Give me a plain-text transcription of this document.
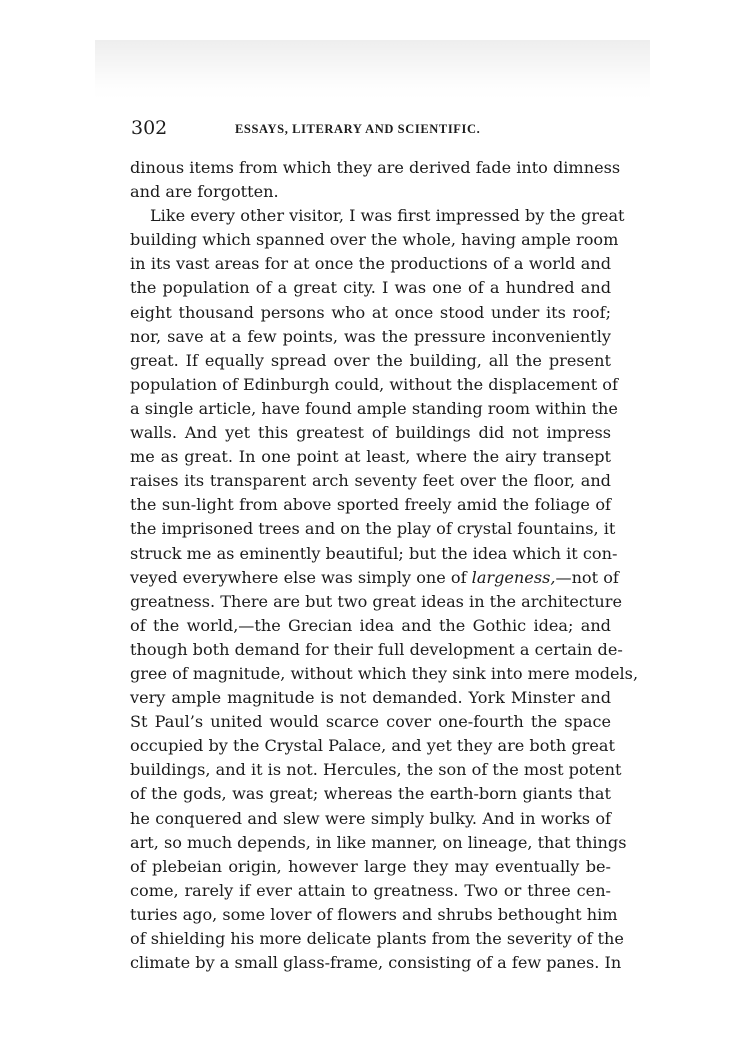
302	ESSAYS, LITERARY AND SCIENTIFIC.
dinous items from which they are derived fade into dimness
and are forgotten.
Like every other visitor, I was first impressed by the great
building which spanned over the whole, having ample room
in its vast areas for at once the productions of a world and
the population of a great city. I was one of a hundred and
eight thousand persons who at once stood under its roof;
nor, save at a few points, was the pressure inconveniently
great. If equally spread over the building, all the present
population of Edinburgh could, without the displacement of
a single article, have found ample standing room within the
walls. And yet this greatest of buildings did not impress
me as great. In one point at least, where the airy transept
raises its transparent arch seventy feet over the floor, and
the sun-light from above sported freely amid the foliage of
the imprisoned trees and on the play of crystal fountains, it
struck me as eminently beautiful; but the idea which it con-
veyed everywhere else was simply one of largeness,—not of
greatness. There are but two great ideas in the architecture
of the world,—the Grecian idea and the Gothic idea; and
though both demand for their full development a certain de-
gree of magnitude, without which they sink into mere models,
very ample magnitude is not demanded. York Minster and
St Paul’s united would scarce cover one-fourth the space
occupied by the Crystal Palace, and yet they are both great
buildings, and it is not. Hercules, the son of the most potent
of the gods, was great; whereas the earth-born giants that
he conquered and slew were simply bulky. And in works of
art, so much depends, in like manner, on lineage, that things
of plebeian origin, however large they may eventually be-
come, rarely if ever attain to greatness. Two or three cen-
turies ago, some lover of flowers and shrubs bethought him
of shielding his more delicate plants from the severity of the
climate by a small glass-frame, consisting of a few panes. In
